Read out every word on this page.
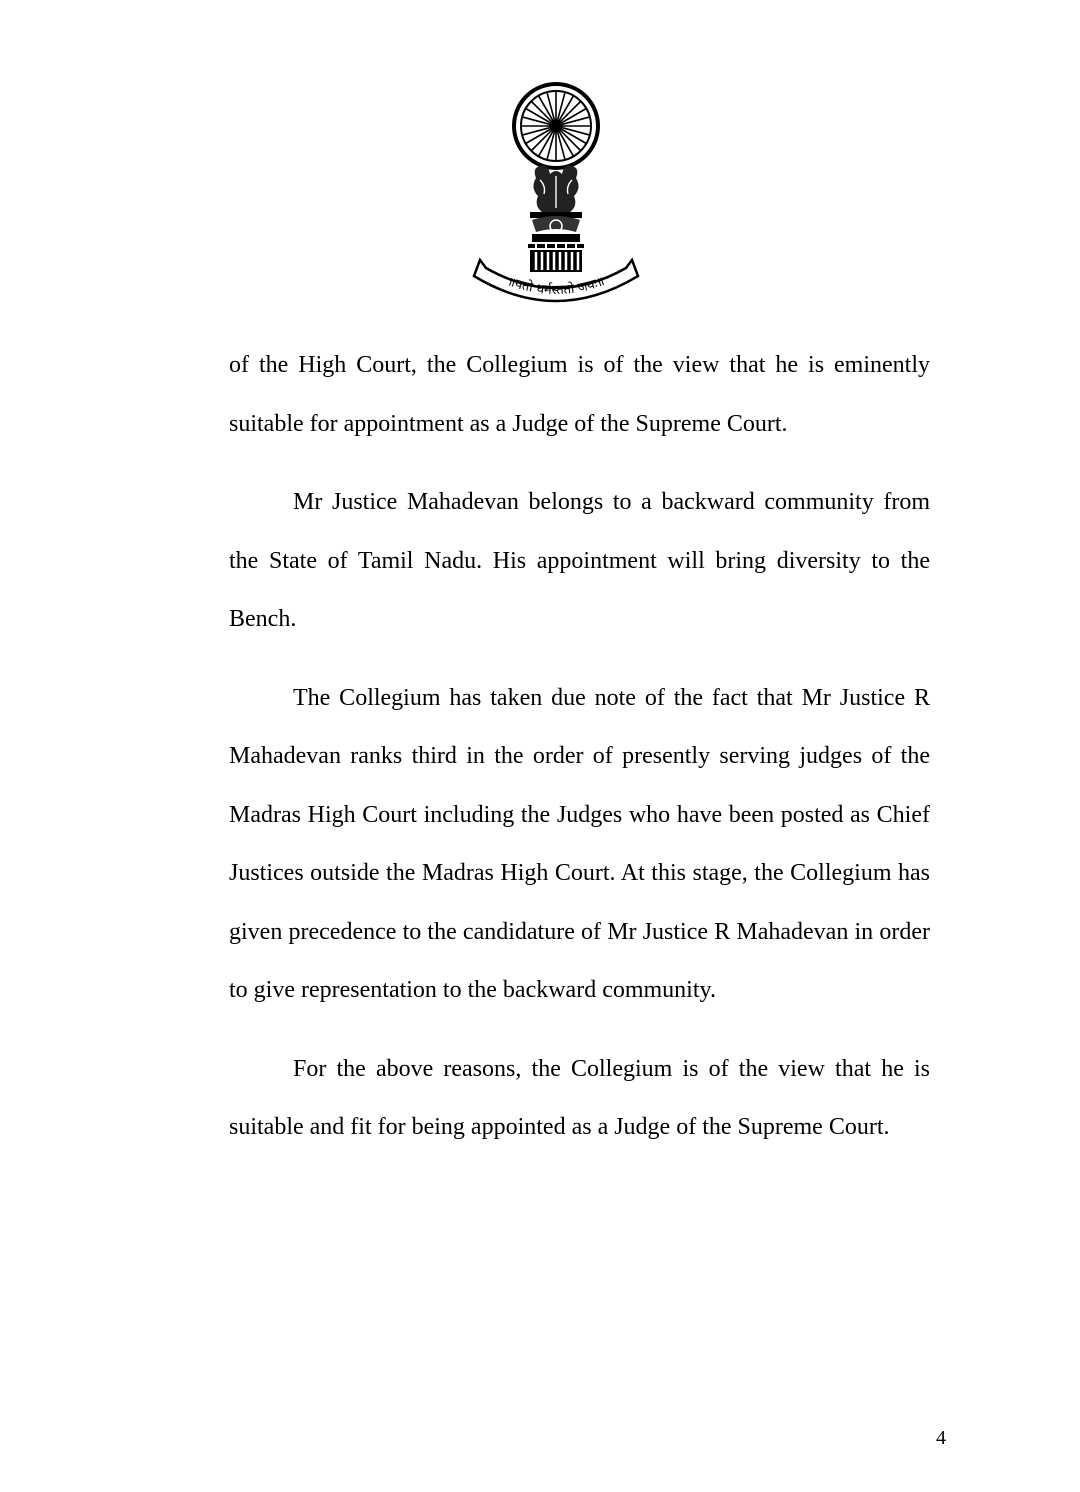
॥यतो धर्मस्ततो जयः॥

of the High Court, the Collegium is of the view that he is eminently suitable for appointment as a Judge of the Supreme Court.

Mr Justice Mahadevan belongs to a backward community from the State of Tamil Nadu. His appointment will bring diversity to the Bench.

The Collegium has taken due note of the fact that Mr Justice R Mahadevan ranks third in the order of presently serving judges of the Madras High Court including the Judges who have been posted as Chief Justices outside the Madras High Court. At this stage, the Collegium has given precedence to the candidature of Mr Justice R Mahadevan in order to give representation to the backward community.

For the above reasons, the Collegium is of the view that he is suitable and fit for being appointed as a Judge of the Supreme Court.

4
